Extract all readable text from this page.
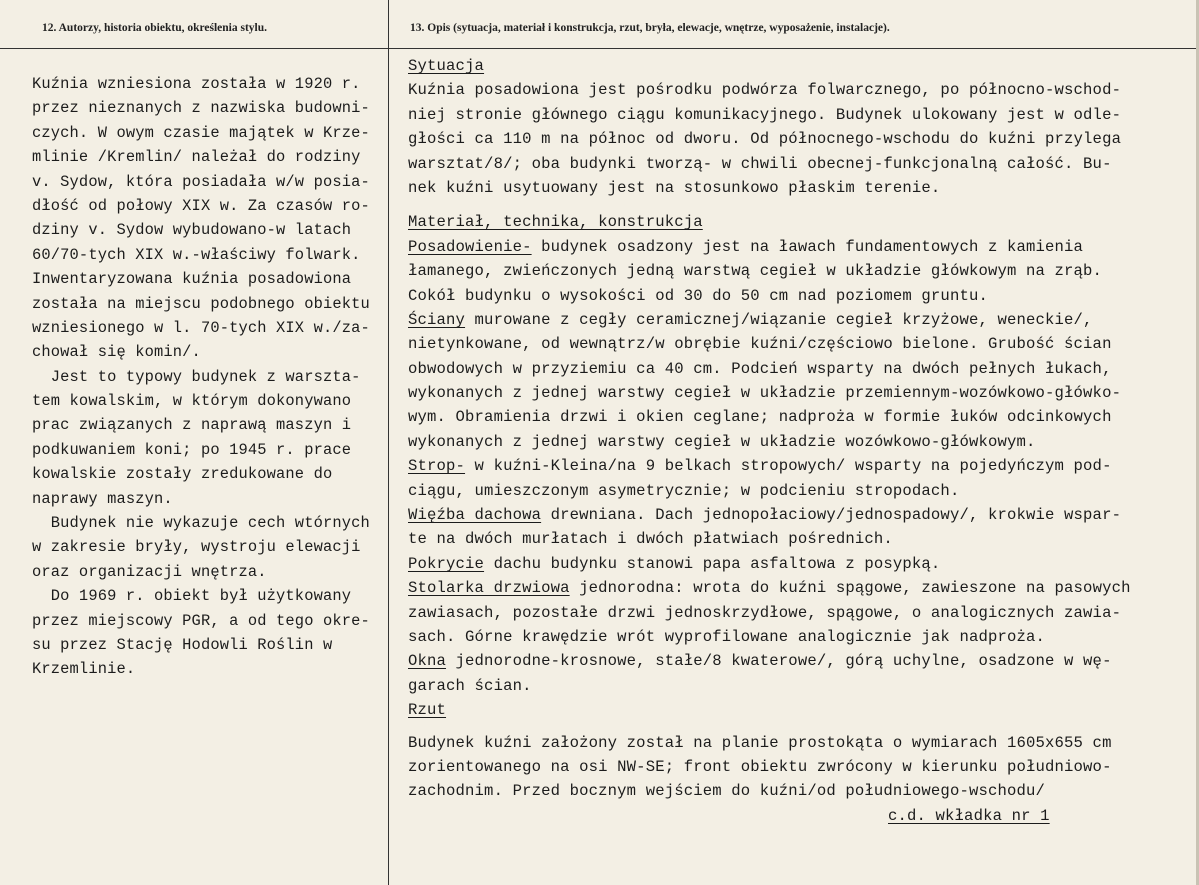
12. Autorzy, historia obiektu, określenia stylu.	13. Opis (sytuacja, materiał i konstrukcja, rzut, bryła, elewacje, wnętrze, wyposażenie, instalacje).
Kuźnia wzniesiona została w 1920 r.
przez nieznanych z nazwiska budowni-
czych. W owym czasie majątek w Krze-
mlinie /Kremlin/ należał do rodziny
v. Sydow, która posiadała w/w posia-
dłość od połowy XIX w. Za czasów ro-
dziny v. Sydow wybudowano-w latach
60/70-tych XIX w.-właściwy folwark.
Inwentaryzowana kuźnia posadowiona
została na miejscu podobnego obiektu
wzniesionego w l. 70-tych XIX w./za-
chował się komin/.
Jest to typowy budynek z warszta-
tem kowalskim, w którym dokonywano
prac związanych z naprawą maszyn i
podkuwaniem koni; po 1945 r. prace
kowalskie zostały zredukowane do
naprawy maszyn.
Budynek nie wykazuje cech wtórnych
w zakresie bryły, wystroju elewacji
oraz organizacji wnętrza.
Do 1969 r. obiekt był użytkowany
przez miejscowy PGR, a od tego okre-
su przez Stację Hodowli Roślin w
Krzemlinie.
Sytuacja
Kuźnia posadowiona jest pośrodku podwórza folwarcznego, po północno-wschod-
niej stronie głównego ciągu komunikacyjnego. Budynek ulokowany jest w odle-
głości ca 110 m na północ od dworu. Od północnego-wschodu do kuźni przylega
warsztat/8/; oba budynki tworzą- w chwili obecnej-funkcjonalną całość. Bu-
nek kuźni usytuowany jest na stosunkowo płaskim terenie.
Materiał, technika, konstrukcja
Posadowienie- budynek osadzony jest na ławach fundamentowych z kamienia
łamanego, zwieńczonych jedną warstwą cegieł w układzie główkowym na zrąb.
Cokół budynku o wysokości od 30 do 50 cm nad poziomem gruntu.
Ściany murowane z cegły ceramicznej/wiązanie cegieł krzyżowe, weneckie/,
nietynkowane, od wewnątrz/w obrębie kuźni/częściowo bielone. Grubość ścian
obwodowych w przyziemiu ca 40 cm. Podcień wsparty na dwóch pełnych łukach,
wykonanych z jednej warstwy cegieł w układzie przemiennym-wozówkowo-główko-
wym. Obramienia drzwi i okien ceglane; nadproża w formie łuków odcinkowych
wykonanych z jednej warstwy cegieł w układzie wozówkowo-główkowym.
Strop- w kuźni-Kleina/na 9 belkach stropowych/ wsparty na pojedyńczym pod-
ciągu, umieszczonym asymetrycznie; w podcieniu stropodach.
Więźba dachowa drewniana. Dach jednopołaciowy/jednospadowy/, krokwie wspar-
te na dwóch murłatach i dwóch płatwiach pośrednich.
Pokrycie dachu budynku stanowi papa asfaltowa z posypką.
Stolarka drzwiowa jednorodna: wrota do kuźni spągowe, zawieszone na pasowych
zawiasach, pozostałe drzwi jednoskrzydłowe, spągowe, o analogicznych zawia-
sach. Górne krawędzie wrót wyprofilowane analogicznie jak nadproża.
Okna jednorodne-krosnowe, stałe/8 kwaterowe/, górą uchylne, osadzone w wę-
garach ścian.
Rzut
Budynek kuźni założony został na planie prostokąta o wymiarach 1605x655 cm
zorientowanego na osi NW-SE; front obiektu zwrócony w kierunku południowo-
zachodnim. Przed bocznym wejściem do kuźni/od południowego-wschodu/
c.d. wkładka nr 1
